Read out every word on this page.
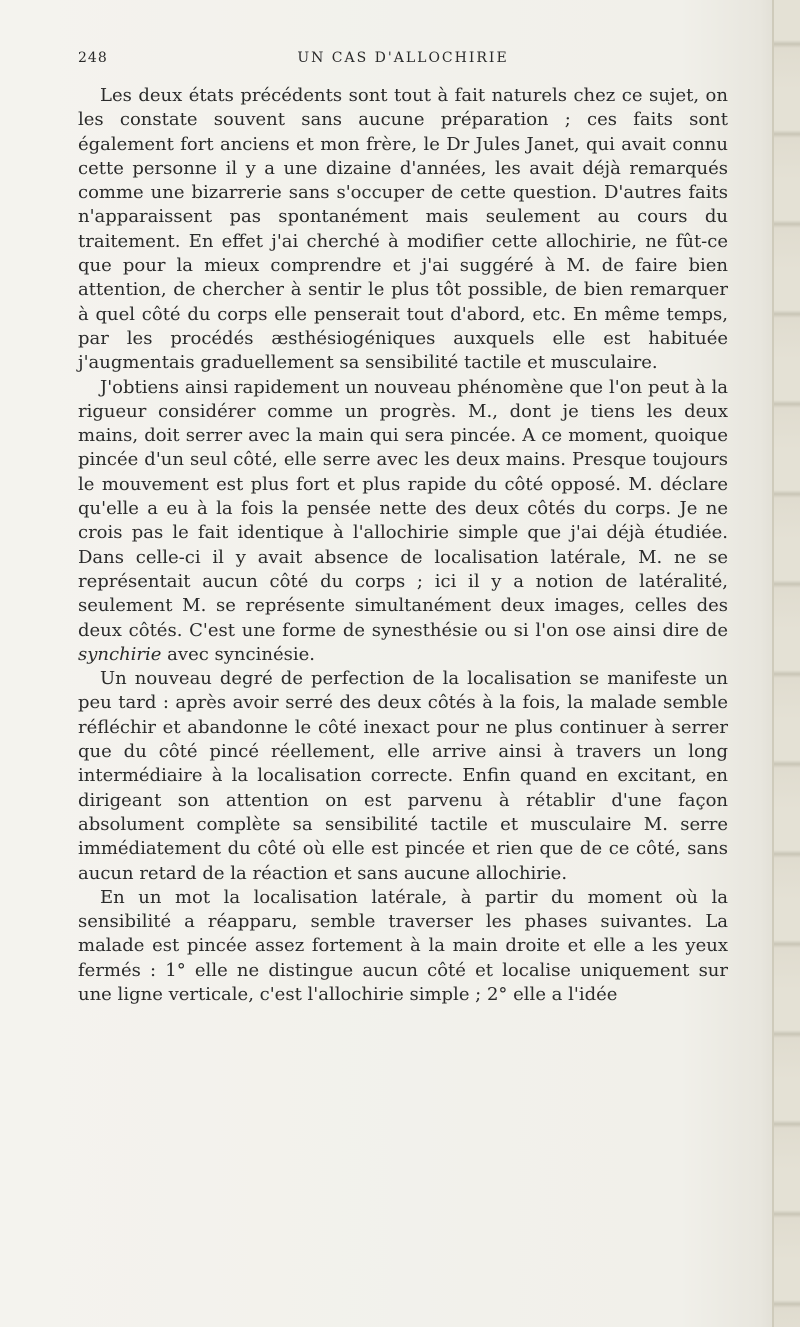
248	UN CAS D'ALLOCHIRIE

Les deux états précédents sont tout à fait naturels chez ce sujet, on les constate souvent sans aucune préparation ; ces faits sont également fort anciens et mon frère, le Dr Jules Janet, qui avait connu cette personne il y a une dizaine d'années, les avait déjà remarqués comme une bizarrerie sans s'occuper de cette question. D'autres faits n'apparaissent pas spontanément mais seulement au cours du traitement. En effet j'ai cherché à modifier cette allochirie, ne fût-ce que pour la mieux comprendre et j'ai suggéré à M. de faire bien attention, de chercher à sentir le plus tôt possible, de bien remarquer à quel côté du corps elle penserait tout d'abord, etc. En même temps, par les procédés æsthésiogéniques auxquels elle est habituée j'augmentais graduellement sa sensibilité tactile et musculaire.

J'obtiens ainsi rapidement un nouveau phénomène que l'on peut à la rigueur considérer comme un progrès. M., dont je tiens les deux mains, doit serrer avec la main qui sera pincée. A ce moment, quoique pincée d'un seul côté, elle serre avec les deux mains. Presque toujours le mouvement est plus fort et plus rapide du côté opposé. M. déclare qu'elle a eu à la fois la pensée nette des deux côtés du corps. Je ne crois pas le fait identique à l'allochirie simple que j'ai déjà étudiée. Dans celle-ci il y avait absence de localisation latérale, M. ne se représentait aucun côté du corps ; ici il y a notion de latéralité, seulement M. se représente simultanément deux images, celles des deux côtés. C'est une forme de synesthésie ou si l'on ose ainsi dire de synchirie avec syncinésie.

Un nouveau degré de perfection de la localisation se manifeste un peu tard : après avoir serré des deux côtés à la fois, la malade semble réfléchir et abandonne le côté inexact pour ne plus continuer à serrer que du côté pincé réellement, elle arrive ainsi à travers un long intermédiaire à la localisation correcte. Enfin quand en excitant, en dirigeant son attention on est parvenu à rétablir d'une façon absolument complète sa sensibilité tactile et musculaire M. serre immédiatement du côté où elle est pincée et rien que de ce côté, sans aucun retard de la réaction et sans aucune allochirie.

En un mot la localisation latérale, à partir du moment où la sensibilité a réapparu, semble traverser les phases suivantes. La malade est pincée assez fortement à la main droite et elle a les yeux fermés : 1° elle ne distingue aucun côté et localise uniquement sur une ligne verticale, c'est l'allochirie simple ; 2° elle a l'idée
